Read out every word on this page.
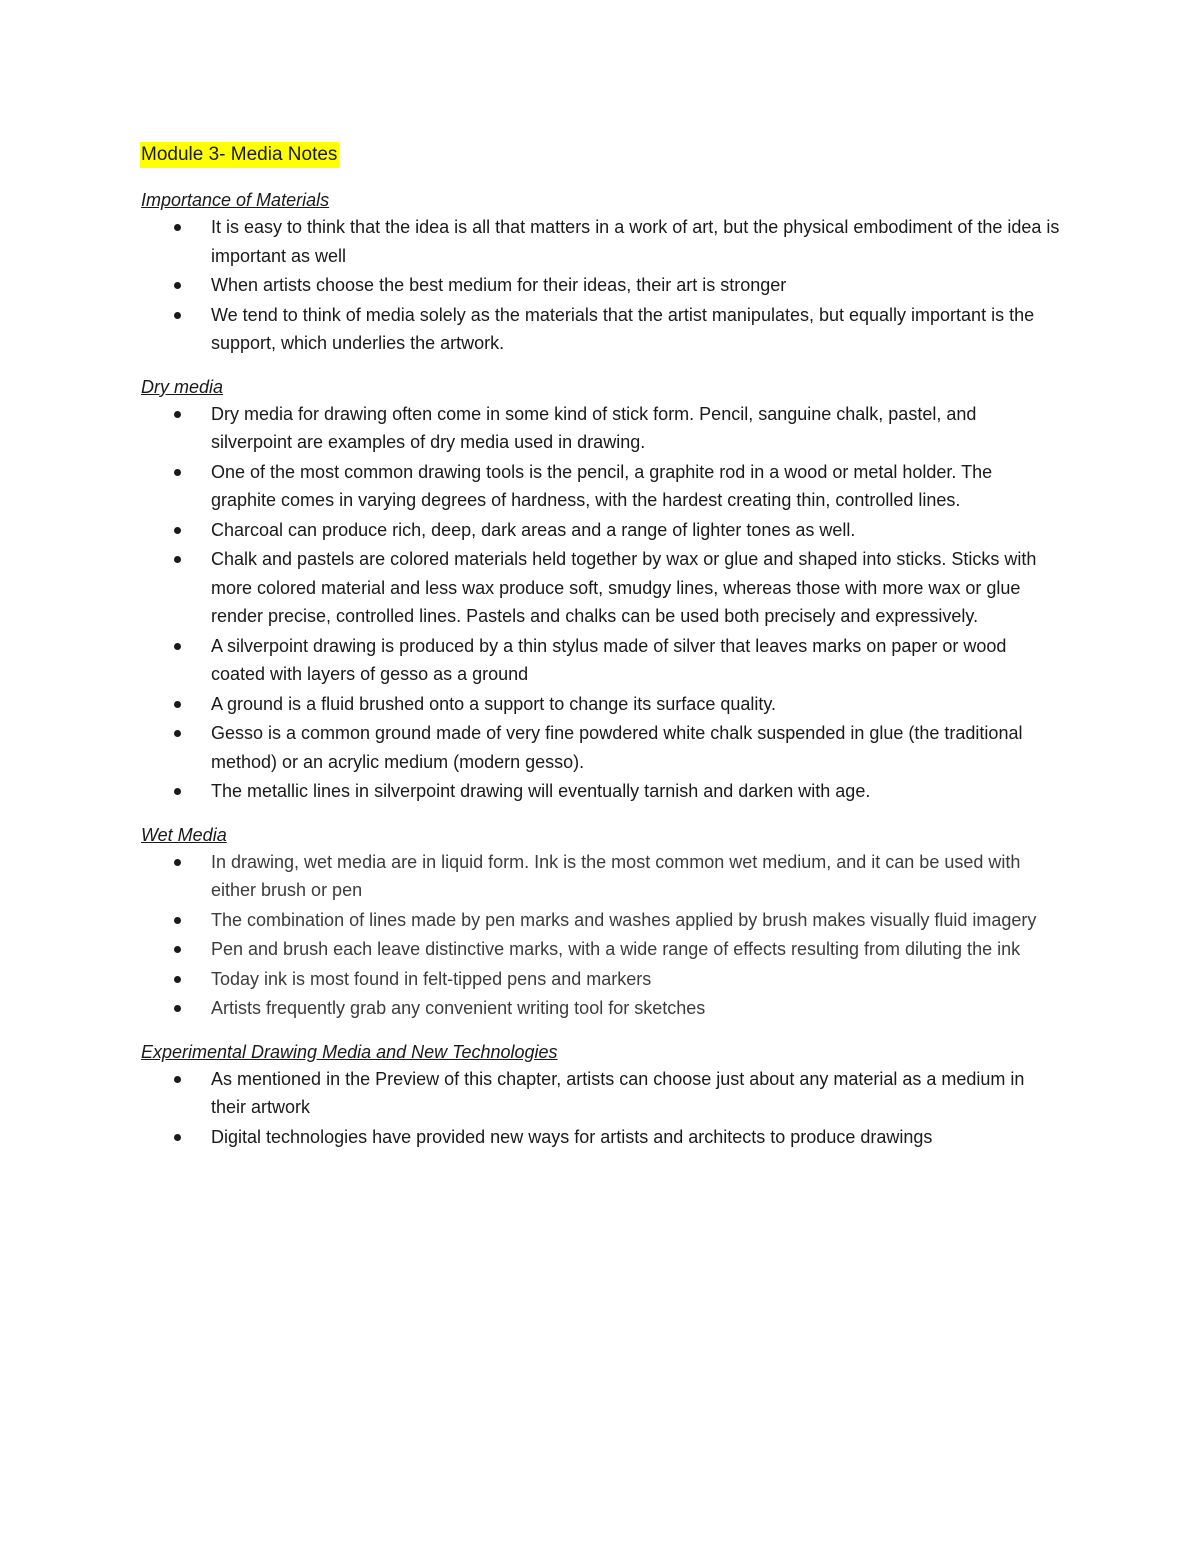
Module 3- Media Notes
Importance of Materials
It is easy to think that the idea is all that matters in a work of art, but the physical embodiment of the idea is important as well
When artists choose the best medium for their ideas, their art is stronger
We tend to think of media solely as the materials that the artist manipulates, but equally important is the support, which underlies the artwork.
Dry media
Dry media for drawing often come in some kind of stick form. Pencil, sanguine chalk, pastel, and silverpoint are examples of dry media used in drawing.
One of the most common drawing tools is the pencil, a graphite rod in a wood or metal holder. The graphite comes in varying degrees of hardness, with the hardest creating thin, controlled lines.
Charcoal can produce rich, deep, dark areas and a range of lighter tones as well.
Chalk and pastels are colored materials held together by wax or glue and shaped into sticks. Sticks with more colored material and less wax produce soft, smudgy lines, whereas those with more wax or glue render precise, controlled lines. Pastels and chalks can be used both precisely and expressively.
A silverpoint drawing is produced by a thin stylus made of silver that leaves marks on paper or wood coated with layers of gesso as a ground
A ground is a fluid brushed onto a support to change its surface quality.
Gesso is a common ground made of very fine powdered white chalk suspended in glue (the traditional method) or an acrylic medium (modern gesso).
The metallic lines in silverpoint drawing will eventually tarnish and darken with age.
Wet Media
In drawing, wet media are in liquid form. Ink is the most common wet medium, and it can be used with either brush or pen
The combination of lines made by pen marks and washes applied by brush makes visually fluid imagery
Pen and brush each leave distinctive marks, with a wide range of effects resulting from diluting the ink
Today ink is most found in felt-tipped pens and markers
Artists frequently grab any convenient writing tool for sketches
Experimental Drawing Media and New Technologies
As mentioned in the Preview of this chapter, artists can choose just about any material as a medium in their artwork
Digital technologies have provided new ways for artists and architects to produce drawings
